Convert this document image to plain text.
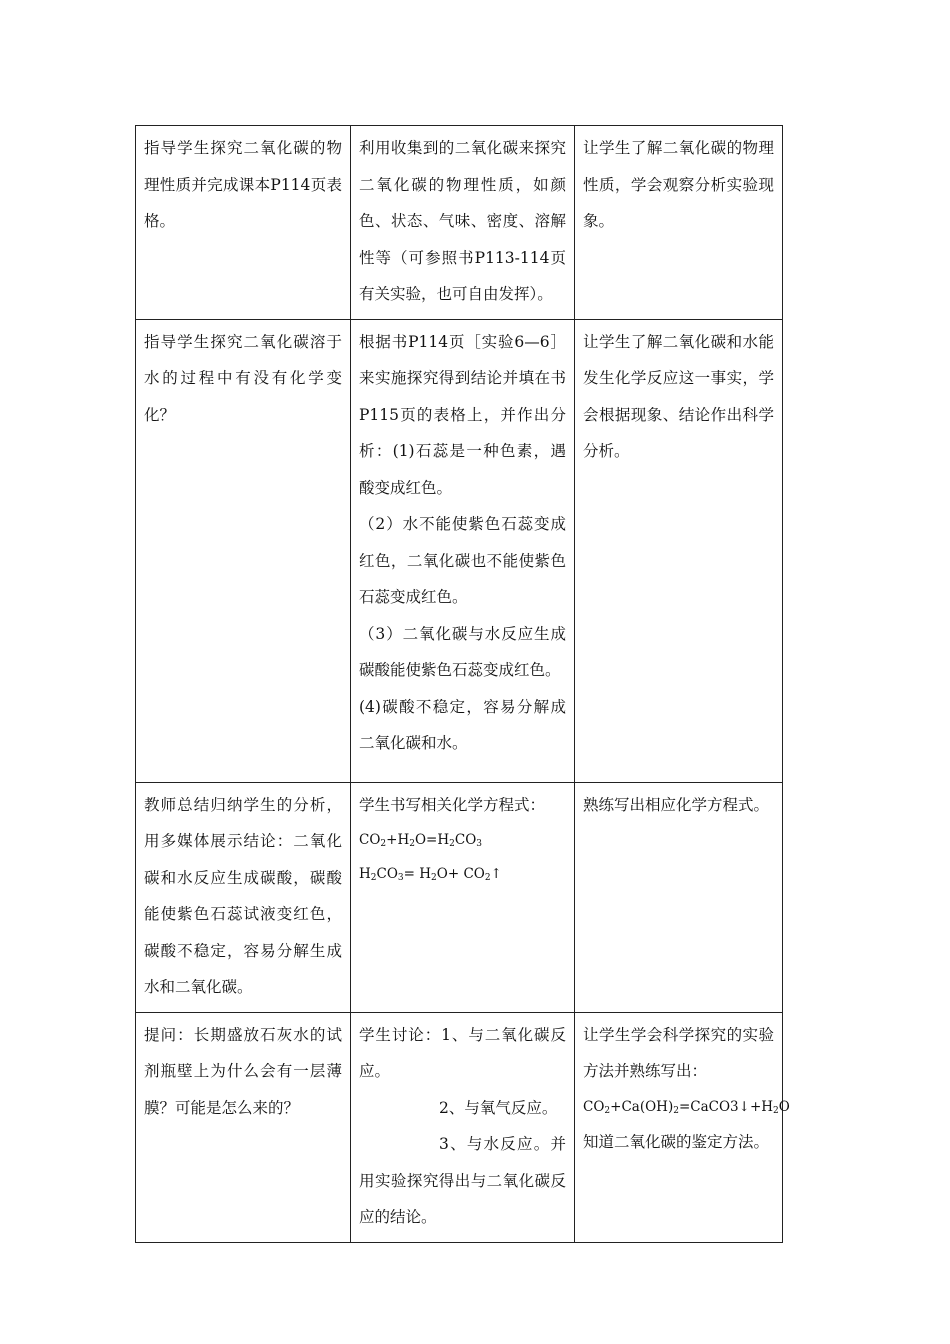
指导学生探究二氧化碳的物理性质并完成课本P114页表格。	利用收集到的二氧化碳来探究二氧化碳的物理性质，如颜色、状态、气味、密度、溶解性等（可参照书P113-114页有关实验，也可自由发挥）。	让学生了解二氧化碳的物理性质，学会观察分析实验现象。

指导学生探究二氧化碳溶于水的过程中有没有化学变化？	根据书P114页［实验6—6］来实施探究得到结论并填在书P115页的表格上，并作出分析：(1)石蕊是一种色素，遇酸变成红色。
（2）水不能使紫色石蕊变成红色，二氧化碳也不能使紫色石蕊变成红色。
（3）二氧化碳与水反应生成碳酸能使紫色石蕊变成红色。
(4)碳酸不稳定，容易分解成二氧化碳和水。	让学生了解二氧化碳和水能发生化学反应这一事实，学会根据现象、结论作出科学分析。

教师总结归纳学生的分析，用多媒体展示结论：二氧化碳和水反应生成碳酸，碳酸能使紫色石蕊试液变红色，碳酸不稳定，容易分解生成水和二氧化碳。	学生书写相关化学方程式：
$CO_2+H_2O=H_2CO_3$
$H_2CO_3= H_2O+$ $CO_2↑$	熟练写出相应化学方程式。

提问：长期盛放石灰水的试剂瓶壁上为什么会有一层薄膜？可能是怎么来的？	学生讨论：1、与二氧化碳反应。
2、与氧气反应。
3、与水反应。并用实验探究得出与二氧化碳反应的结论。	让学生学会科学探究的实验方法并熟练写出：
$CO_2+Ca(OH)_2=CaCO3↓+H_2O$
知道二氧化碳的鉴定方法。
